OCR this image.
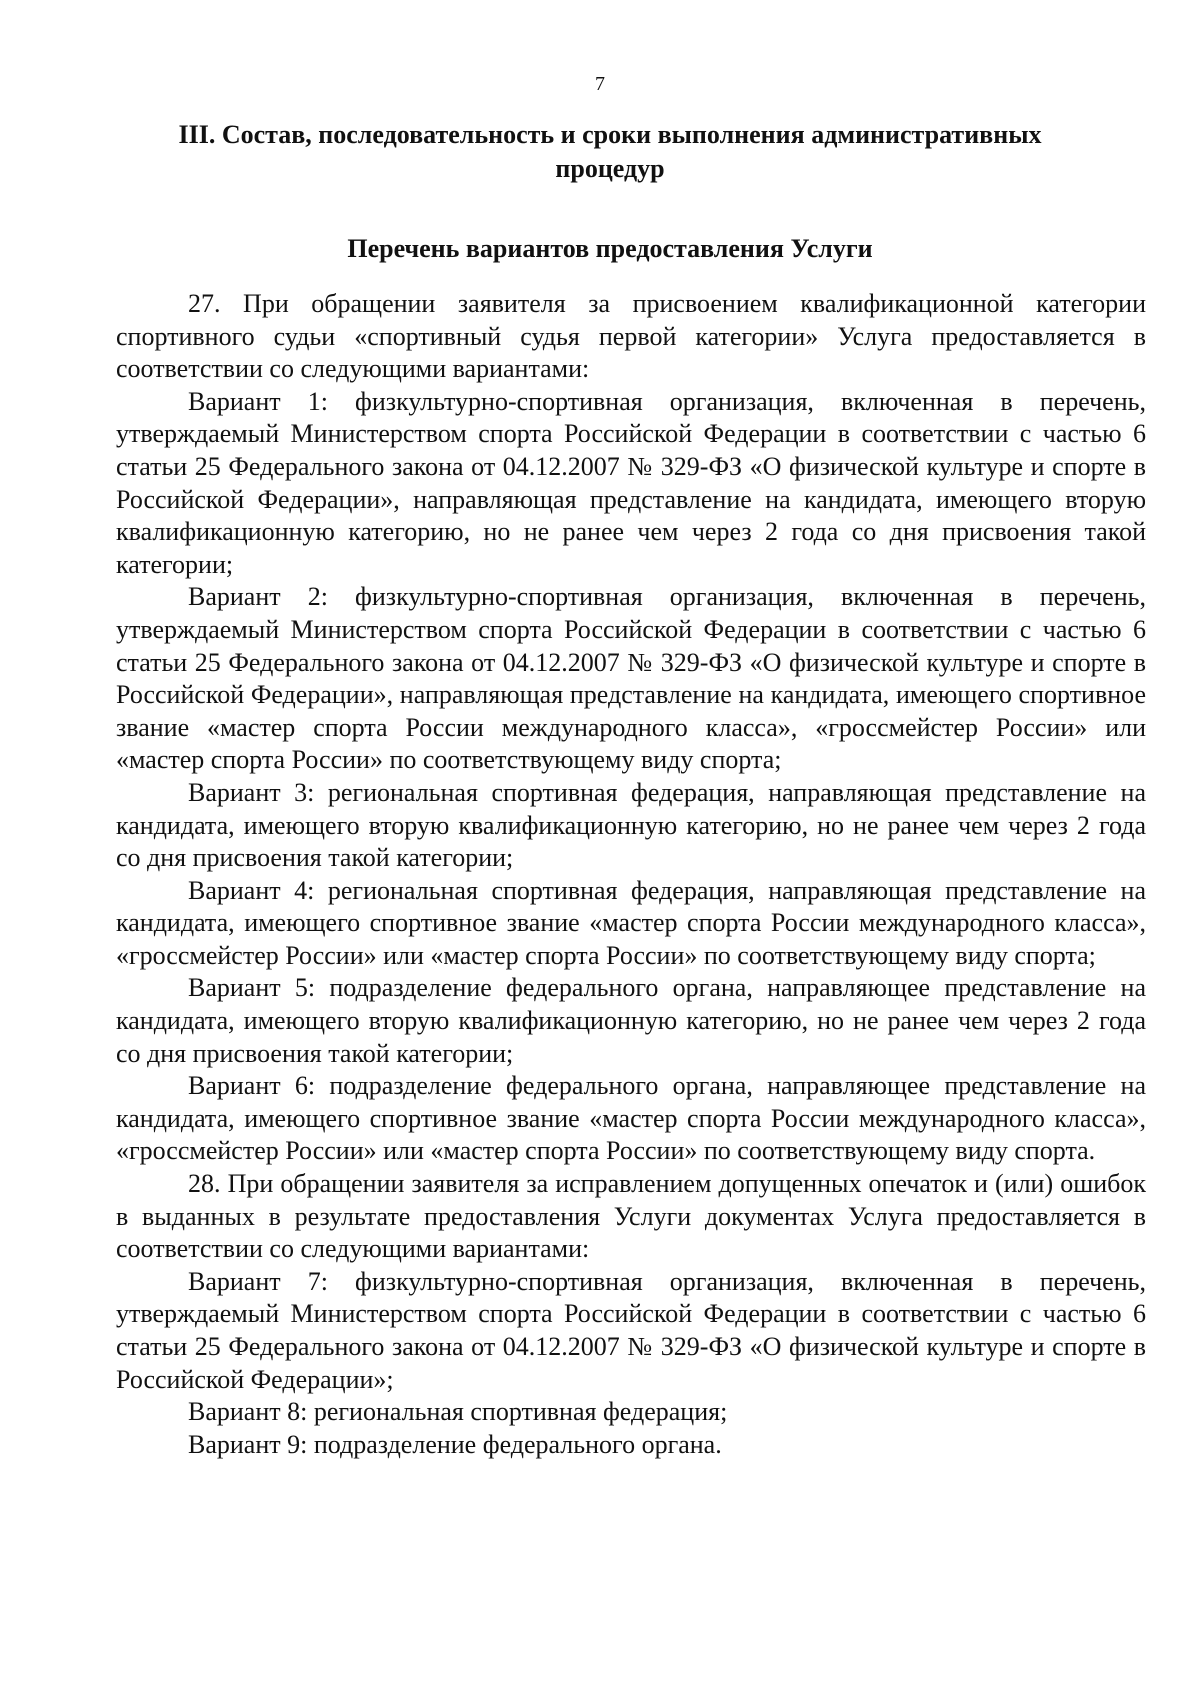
7
III. Состав, последовательность и сроки выполнения административных процедур
Перечень вариантов предоставления Услуги

27. При обращении заявителя за присвоением квалификационной категории спортивного судьи «спортивный судья первой категории» Услуга предоставляется в соответствии со следующими вариантами:

Вариант 1: физкультурно-спортивная организация, включенная в перечень, утверждаемый Министерством спорта Российской Федерации в соответствии с частью 6 статьи 25 Федерального закона от 04.12.2007 № 329-ФЗ «О физической культуре и спорте в Российской Федерации», направляющая представление на кандидата, имеющего вторую квалификационную категорию, но не ранее чем через 2 года со дня присвоения такой категории;

Вариант 2: физкультурно-спортивная организация, включенная в перечень, утверждаемый Министерством спорта Российской Федерации в соответствии с частью 6 статьи 25 Федерального закона от 04.12.2007 № 329-ФЗ «О физической культуре и спорте в Российской Федерации», направляющая представление на кандидата, имеющего спортивное звание «мастер спорта России международного класса», «гроссмейстер России» или «мастер спорта России» по соответствующему виду спорта;

Вариант 3: региональная спортивная федерация, направляющая представление на кандидата, имеющего вторую квалификационную категорию, но не ранее чем через 2 года со дня присвоения такой категории;

Вариант 4: региональная спортивная федерация, направляющая представление на кандидата, имеющего спортивное звание «мастер спорта России международного класса», «гроссмейстер России» или «мастер спорта России» по соответствующему виду спорта;

Вариант 5: подразделение федерального органа, направляющее представление на кандидата, имеющего вторую квалификационную категорию, но не ранее чем через 2 года со дня присвоения такой категории;

Вариант 6: подразделение федерального органа, направляющее представление на кандидата, имеющего спортивное звание «мастер спорта России международного класса», «гроссмейстер России» или «мастер спорта России» по соответствующему виду спорта.

28. При обращении заявителя за исправлением допущенных опечаток и (или) ошибок в выданных в результате предоставления Услуги документах Услуга предоставляется в соответствии со следующими вариантами:

Вариант 7: физкультурно-спортивная организация, включенная в перечень, утверждаемый Министерством спорта Российской Федерации в соответствии с частью 6 статьи 25 Федерального закона от 04.12.2007 № 329-ФЗ «О физической культуре и спорте в Российской Федерации»;

Вариант 8: региональная спортивная федерация;

Вариант 9: подразделение федерального органа.
